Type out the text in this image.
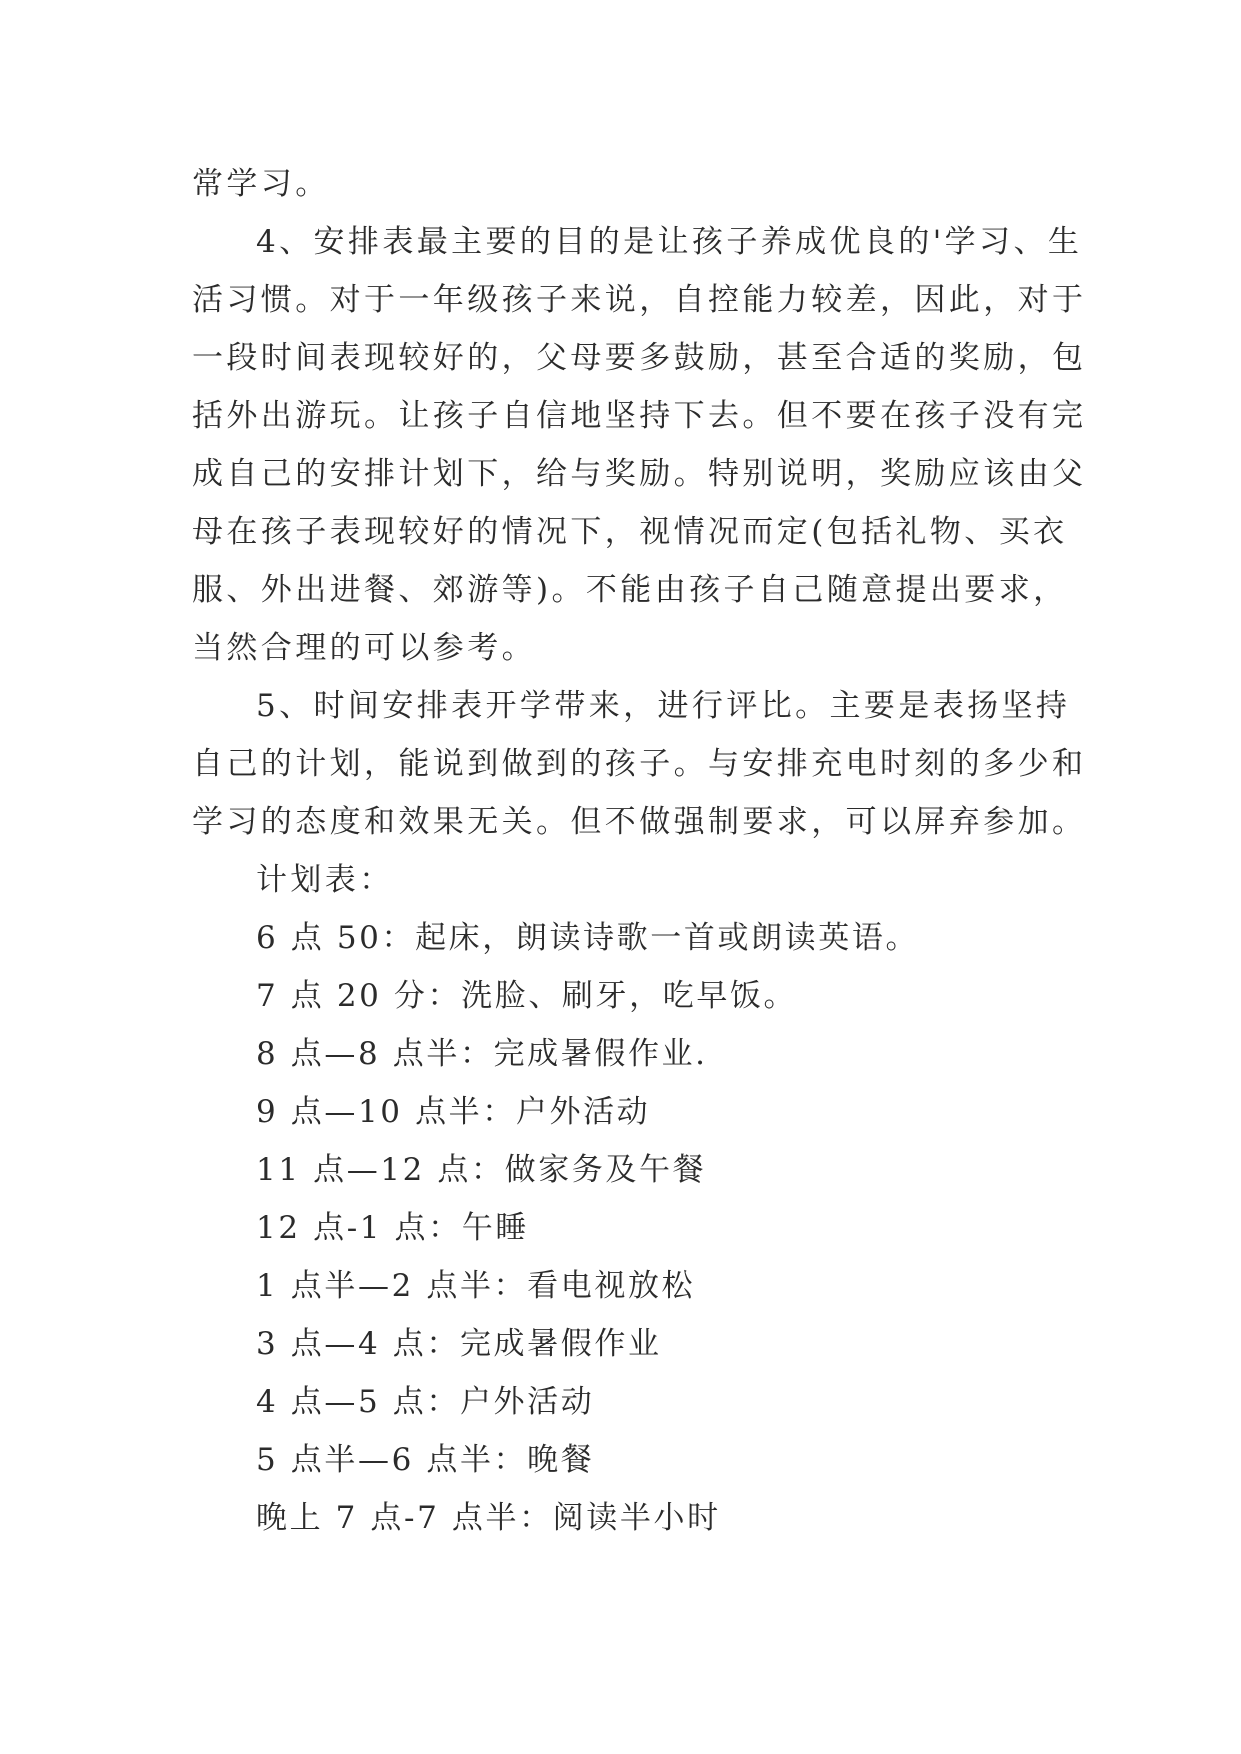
常学习。
4、安排表最主要的目的是让孩子养成优良的'学习、生
活习惯。对于一年级孩子来说，自控能力较差，因此，对于
一段时间表现较好的，父母要多鼓励，甚至合适的奖励，包
括外出游玩。让孩子自信地坚持下去。但不要在孩子没有完
成自己的安排计划下，给与奖励。特别说明，奖励应该由父
母在孩子表现较好的情况下，视情况而定(包括礼物、买衣
服、外出进餐、郊游等)。不能由孩子自己随意提出要求，
当然合理的可以参考。
5、时间安排表开学带来，进行评比。主要是表扬坚持
自己的计划，能说到做到的孩子。与安排充电时刻的多少和
学习的态度和效果无关。但不做强制要求，可以屏弃参加。
计划表：
6 点 50：起床，朗读诗歌一首或朗读英语。
7 点 20 分：洗脸、刷牙，吃早饭。
8 点—8 点半：完成暑假作业.
9 点—10 点半：户外活动
11 点—12 点：做家务及午餐
12 点-1 点：午睡
1 点半—2 点半：看电视放松
3 点—4 点：完成暑假作业
4 点—5 点：户外活动
5 点半—6 点半：晚餐
晚上 7 点-7 点半：阅读半小时
